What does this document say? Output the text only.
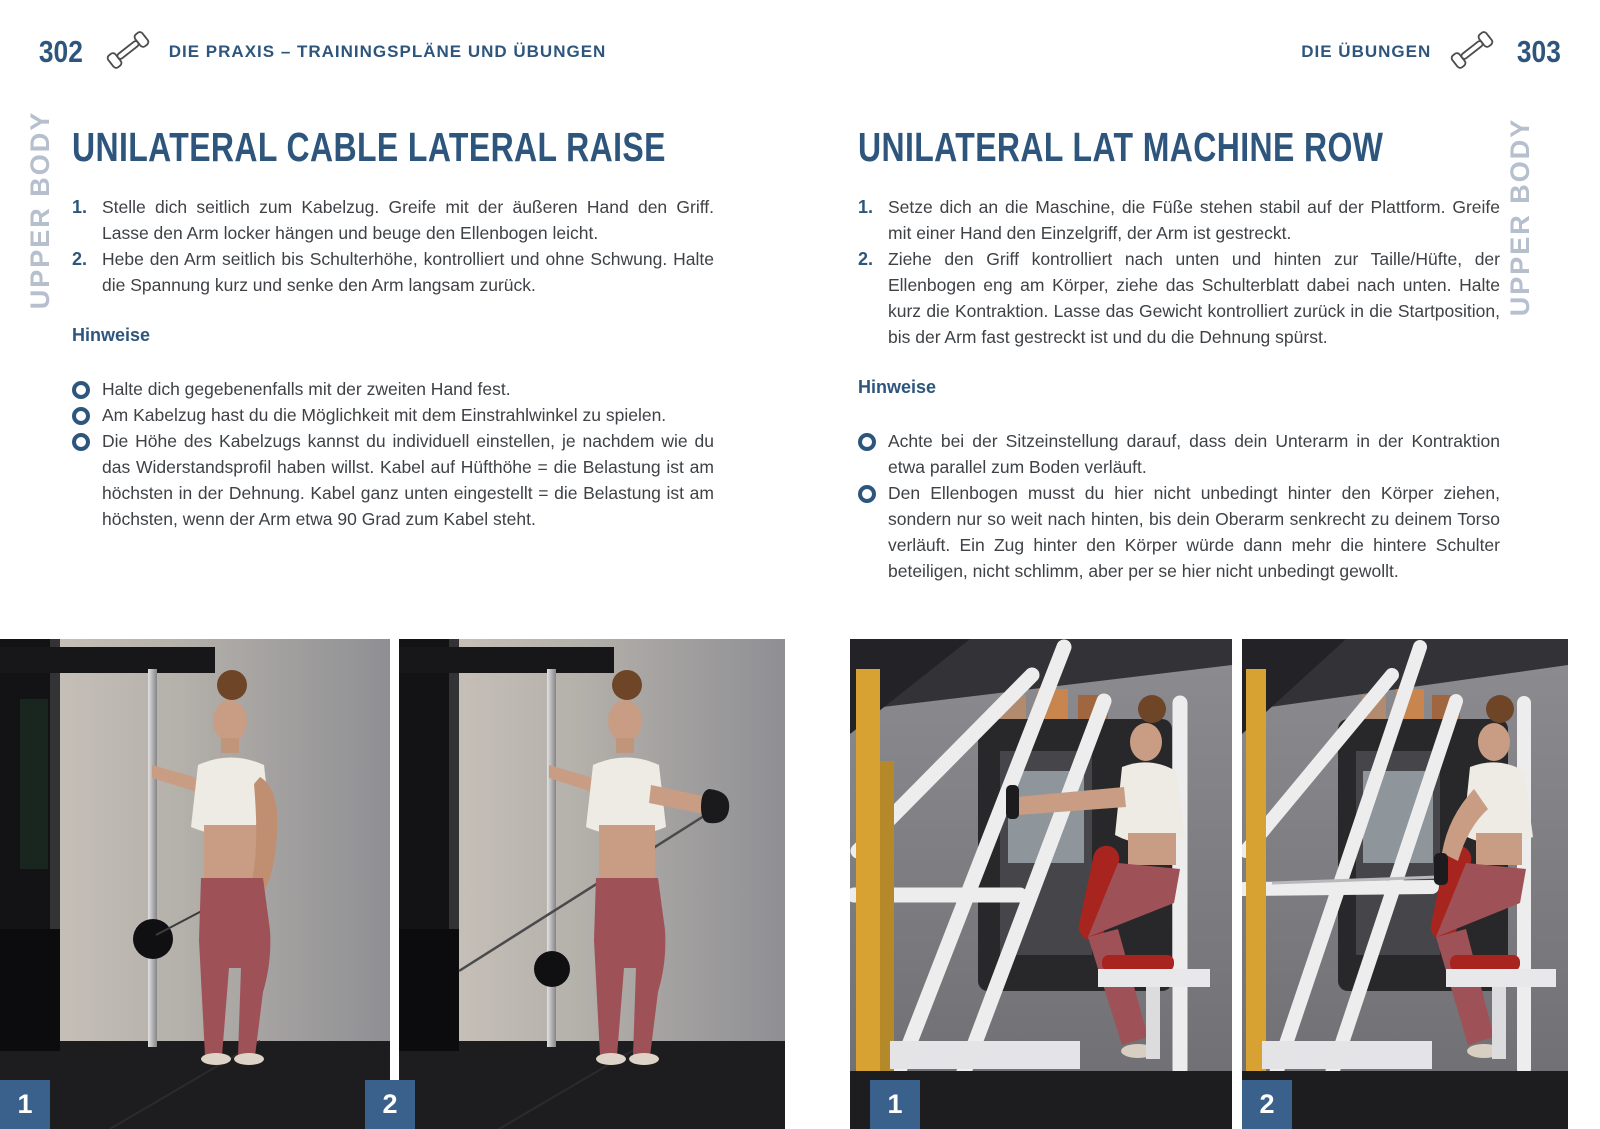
302	DIE PRAXIS – TRAININGSPLÄNE UND ÜBUNGEN	DIE ÜBUNGEN	303
UPPER BODY	UPPER BODY
UNILATERAL CABLE LATERAL RAISE
1. Stelle dich seitlich zum Kabelzug. Greife mit der äußeren Hand den Griff. Lasse den Arm locker hängen und beuge den Ellenbogen leicht.
2. Hebe den Arm seitlich bis Schulterhöhe, kontrolliert und ohne Schwung. Halte die Spannung kurz und senke den Arm langsam zurück.
Hinweise
Halte dich gegebenenfalls mit der zweiten Hand fest.
Am Kabelzug hast du die Möglichkeit mit dem Einstrahlwinkel zu spielen.
Die Höhe des Kabelzugs kannst du individuell einstellen, je nachdem wie du das Widerstandsprofil haben willst. Kabel auf Hüfthöhe = die Belastung ist am höchsten in der Dehnung. Kabel ganz unten eingestellt = die Belastung ist am höchsten, wenn der Arm etwa 90 Grad zum Kabel steht.
UNILATERAL LAT MACHINE ROW
1. Setze dich an die Maschine, die Füße stehen stabil auf der Plattform. Greife mit einer Hand den Einzelgriff, der Arm ist gestreckt.
2. Ziehe den Griff kontrolliert nach unten und hinten zur Taille/Hüfte, der Ellenbogen eng am Körper, ziehe das Schulterblatt dabei nach unten. Halte kurz die Kontraktion. Lasse das Gewicht kontrolliert zurück in die Startposition, bis der Arm fast gestreckt ist und du die Dehnung spürst.
Hinweise
Achte bei der Sitzeinstellung darauf, dass dein Unterarm in der Kontraktion etwa parallel zum Boden verläuft.
Den Ellenbogen musst du hier nicht unbedingt hinter den Körper ziehen, sondern nur so weit nach hinten, bis dein Oberarm senkrecht zu deinem Torso verläuft. Ein Zug hinter den Körper würde dann mehr die hintere Schulter beteiligen, nicht schlimm, aber per se hier nicht unbedingt gewollt.
1	2	1	2
